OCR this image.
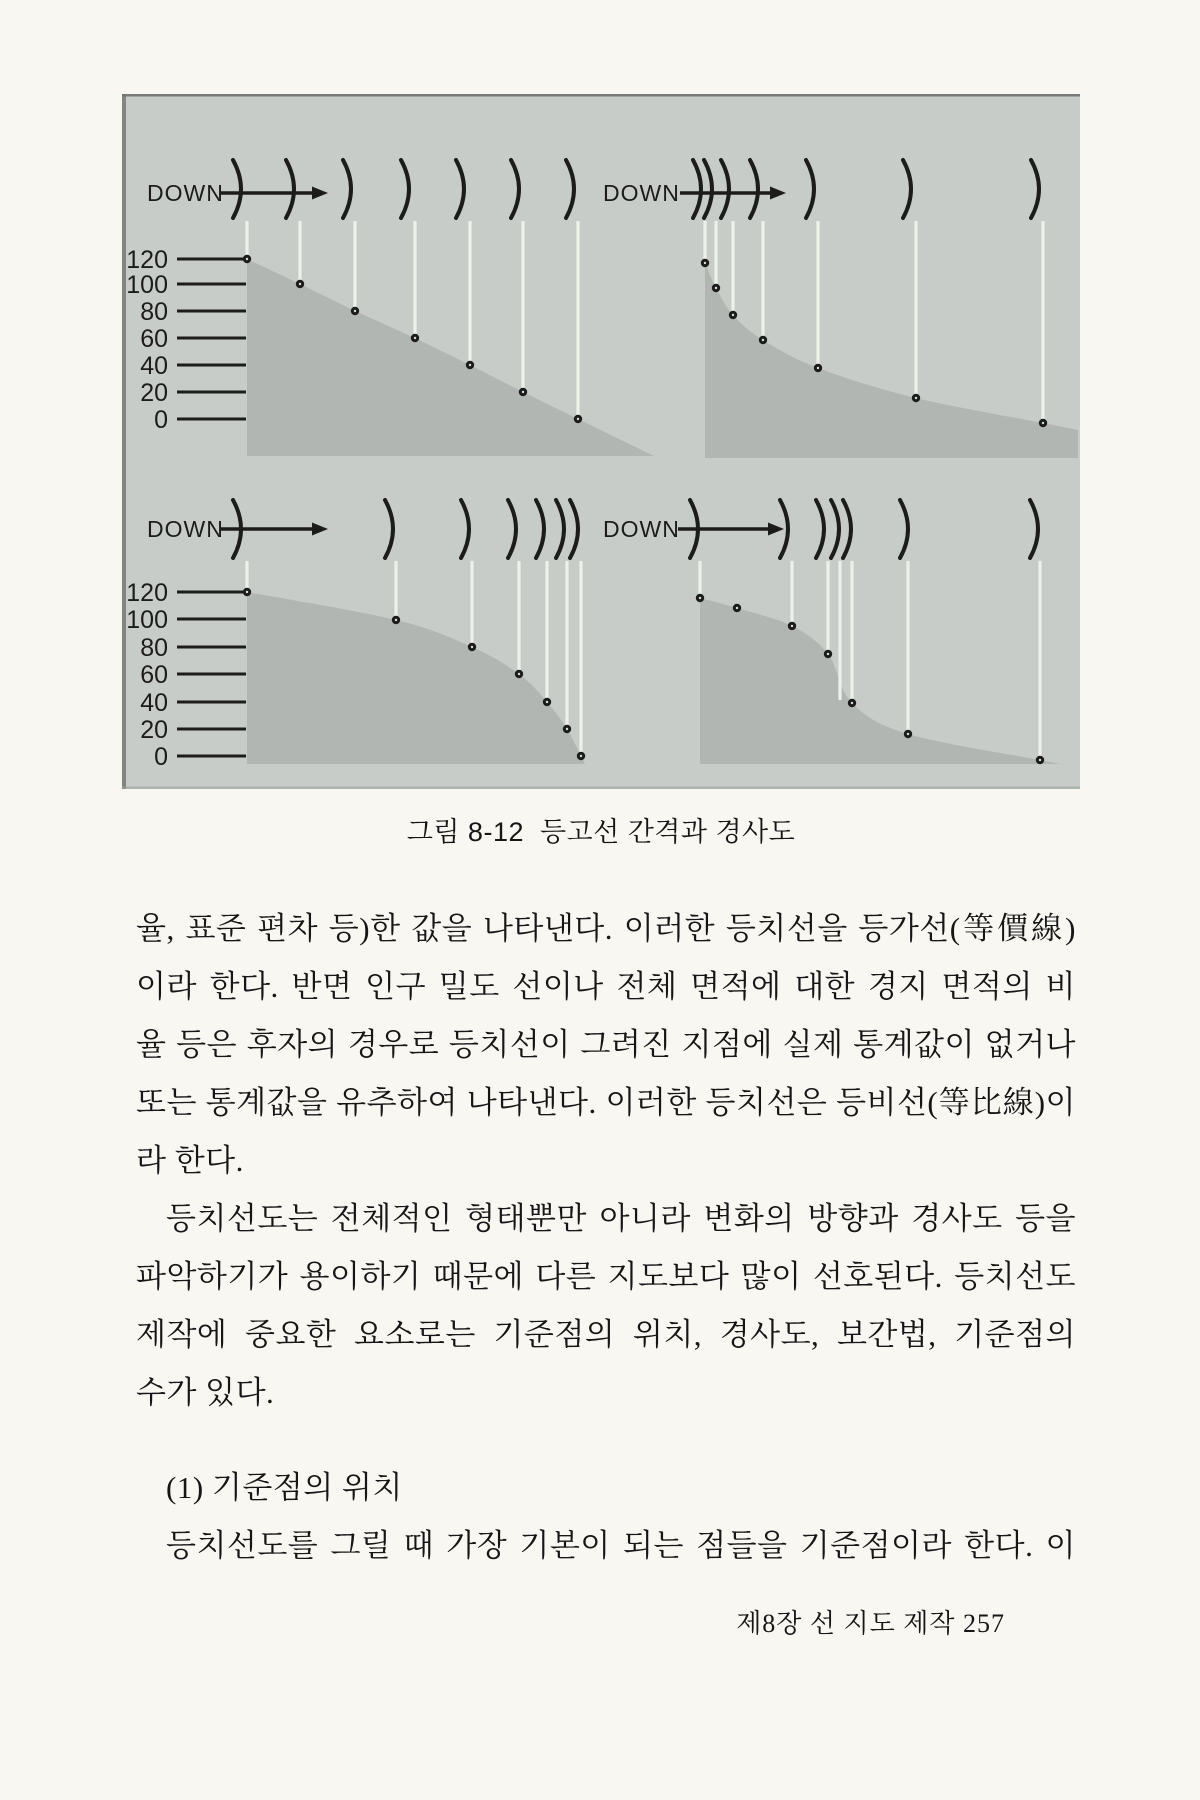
120
100
80
60
40
20
0
DOWN	DOWN
120
100
80
60
40
20
0
DOWN	DOWN
그림 8-12  등고선 간격과 경사도
율, 표준 편차 등)한 값을 나타낸다. 이러한 등치선을 등가선(等價線)
이라 한다. 반면 인구 밀도 선이나 전체 면적에 대한 경지 면적의 비
율 등은 후자의 경우로 등치선이 그려진 지점에 실제 통계값이 없거나
또는 통계값을 유추하여 나타낸다. 이러한 등치선은 등비선(等比線)이
라 한다.
등치선도는 전체적인 형태뿐만 아니라 변화의 방향과 경사도 등을
파악하기가 용이하기 때문에 다른 지도보다 많이 선호된다. 등치선도
제작에 중요한 요소로는 기준점의 위치, 경사도, 보간법, 기준점의
수가 있다.
(1) 기준점의 위치
등치선도를 그릴 때 가장 기본이 되는 점들을 기준점이라 한다. 이
제8장 선 지도 제작 257
